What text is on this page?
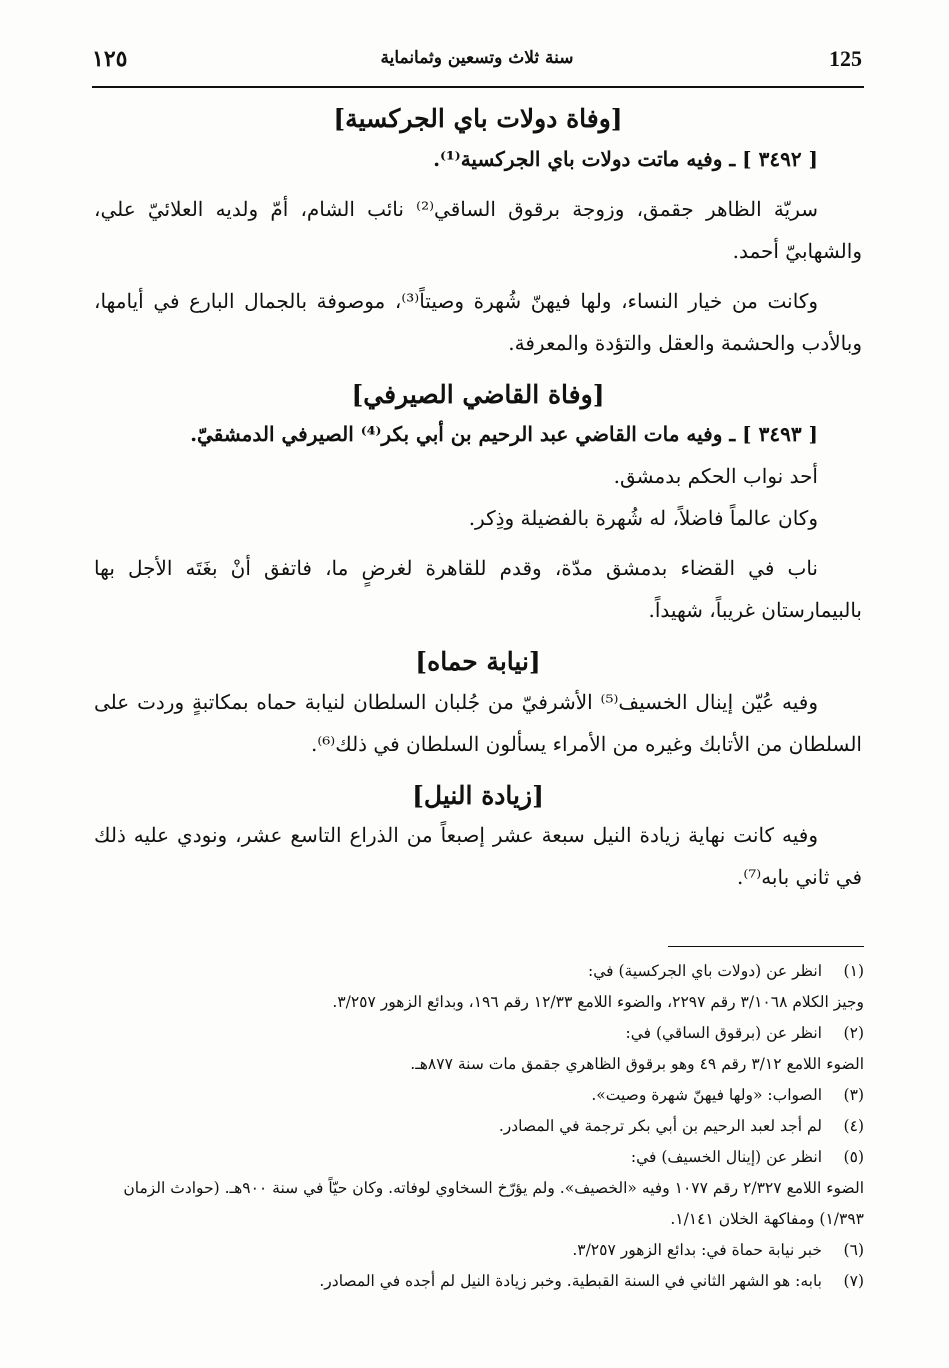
125
سنة ثلاث وتسعين وثمانماية
١٢٥
[وفاة دولات باي الجركسية]

[ ٣٤٩٢ ] ـ وفيه ماتت دولات باي الجركسية⁽¹⁾.

سريّة الظاهر جقمق، وزوجة برقوق الساقي⁽²⁾ نائب الشام، أمّ ولديه العلائيّ علي، والشهابيّ أحمد.

وكانت من خيار النساء، ولها فيهنّ شُهرة وصيتاً⁽³⁾، موصوفة بالجمال البارع في أيامها، وبالأدب والحشمة والعقل والتؤدة والمعرفة.

[وفاة القاضي الصيرفي]

[ ٣٤٩٣ ] ـ وفيه مات القاضي عبد الرحيم بن أبي بكر⁽⁴⁾ الصيرفي الدمشقيّ.

أحد نواب الحكم بدمشق.

وكان عالماً فاضلاً، له شُهرة بالفضيلة وذِكر.

ناب في القضاء بدمشق مدّة، وقدم للقاهرة لغرضٍ ما، فاتفق أنْ بغَتَه الأجل بها بالبيمارستان غريباً، شهيداً.

[نيابة حماه]

وفيه عُيّن إينال الخسيف⁽⁵⁾ الأشرفيّ من جُلبان السلطان لنيابة حماه بمكاتبةٍ وردت على السلطان من الأتابك وغيره من الأمراء يسألون السلطان في ذلك⁽⁶⁾.

[زيادة النيل]

وفيه كانت نهاية زيادة النيل سبعة عشر إصبعاً من الذراع التاسع عشر، ونودي عليه ذلك في ثاني بابه⁽⁷⁾.

(١)
انظر عن (دولات باي الجركسية) في:
وجيز الكلام ٣/١٠٦٨ رقم ٢٢٩٧، والضوء اللامع ١٢/٣٣ رقم ١٩٦، وبدائع الزهور ٣/٢٥٧.
(٢)
انظر عن (برقوق الساقي) في:
الضوء اللامع ٣/١٢ رقم ٤٩ وهو برقوق الظاهري جقمق مات سنة ٨٧٧هـ.
(٣)
الصواب: «ولها فيهنّ شهرة وصيت».
(٤)
لم أجد لعبد الرحيم بن أبي بكر ترجمة في المصادر.
(٥)
انظر عن (إينال الخسيف) في:
الضوء اللامع ٢/٣٢٧ رقم ١٠٧٧ وفيه «الخصيف». ولم يؤرّخ السخاوي لوفاته. وكان حيّاً في سنة ٩٠٠هـ. (حوادث الزمان ١/٣٩٣) ومفاكهة الخلان ١/١٤١.
(٦)
خبر نيابة حماة في: بدائع الزهور ٣/٢٥٧.
(٧)
بابه: هو الشهر الثاني في السنة القبطية. وخبر زيادة النيل لم أجده في المصادر.
